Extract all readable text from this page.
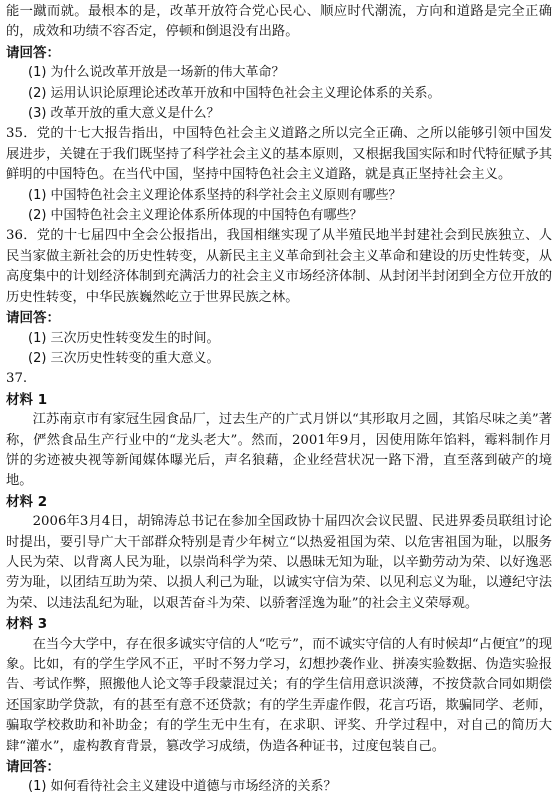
能一蹴而就。最根本的是，改革开放符合党心民心、顺应时代潮流，方向和道路是完全正确的，成效和功绩不容否定，停顿和倒退没有出路。

请回答：

(1) 为什么说改革开放是一场新的伟大革命？

(2) 运用认识论原理论述改革开放和中国特色社会主义理论体系的关系。

(3) 改革开放的重大意义是什么？

35．党的十七大报告指出，中国特色社会主义道路之所以完全正确、之所以能够引领中国发展进步，关键在于我们既坚持了科学社会主义的基本原则，又根据我国实际和时代特征赋予其鲜明的中国特色。在当代中国，坚持中国特色社会主义道路，就是真正坚持社会主义。

(1) 中国特色社会主义理论体系坚持的科学社会主义原则有哪些？

(2) 中国特色社会主义理论体系所体现的中国特色有哪些？

36．党的十七届四中全会公报指出，我国相继实现了从半殖民地半封建社会到民族独立、人民当家做主新社会的历史性转变，从新民主主义革命到社会主义革命和建设的历史性转变，从高度集中的计划经济体制到充满活力的社会主义市场经济体制、从封闭半封闭到全方位开放的历史性转变，中华民族巍然屹立于世界民族之林。

请回答：

(1) 三次历史性转变发生的时间。

(2) 三次历史性转变的重大意义。

37.

材料 1

江苏南京市有家冠生园食品厂，过去生产的广式月饼以“其形取月之圆，其馅尽味之美”著称，俨然食品生产行业中的“龙头老大”。然而，2001年9月，因使用陈年馅料，霉料制作月饼的劣迹被央视等新闻媒体曝光后，声名狼藉，企业经营状况一路下滑，直至落到破产的境地。

材料 2

2006年3月4日，胡锦涛总书记在参加全国政协十届四次会议民盟、民进界委员联组讨论时提出，要引导广大干部群众特别是青少年树立“以热爱祖国为荣、以危害祖国为耻，以服务人民为荣、以背离人民为耻，以崇尚科学为荣、以愚昧无知为耻，以辛勤劳动为荣、以好逸恶劳为耻，以团结互助为荣、以损人利己为耻，以诚实守信为荣、以见利忘义为耻，以遵纪守法为荣、以违法乱纪为耻，以艰苦奋斗为荣、以骄奢淫逸为耻”的社会主义荣辱观。

材料 3

在当今大学中，存在很多诚实守信的人“吃亏”，而不诚实守信的人有时候却“占便宜”的现象。比如，有的学生学风不正，平时不努力学习，幻想抄袭作业、拼凑实验数据、伪造实验报告、考试作弊，照搬他人论文等手段蒙混过关；有的学生信用意识淡薄，不按贷款合同如期偿还国家助学贷款，有的甚至有意不还贷款；有的学生弄虚作假，花言巧语，欺骗同学、老师，骗取学校救助和补助金；有的学生无中生有，在求职、评奖、升学过程中，对自己的简历大肆“灌水”，虚构教育背景，篡改学习成绩，伪造各种证书，过度包装自己。

请回答：

(1) 如何看待社会主义建设中道德与市场经济的关系？
